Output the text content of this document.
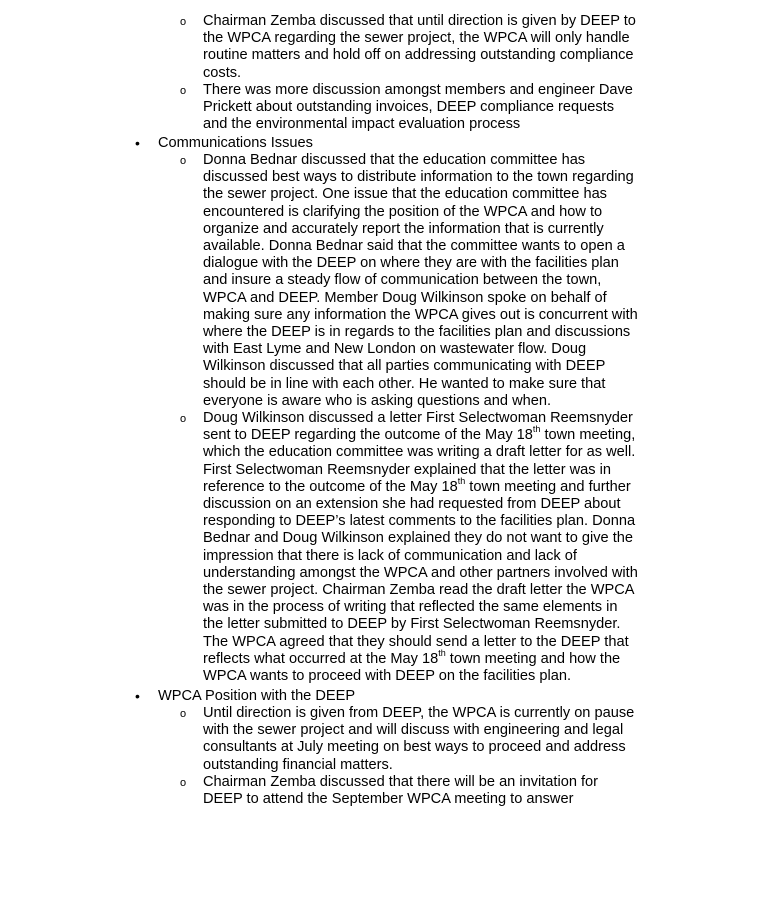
o Chairman Zemba discussed that until direction is given by DEEP to
the WPCA regarding the sewer project, the WPCA will only handle
routine matters and hold off on addressing outstanding compliance
costs.
o There was more discussion amongst members and engineer Dave
Prickett about outstanding invoices, DEEP compliance requests
and the environmental impact evaluation process
• Communications Issues
o Donna Bednar discussed that the education committee has
discussed best ways to distribute information to the town regarding
the sewer project. One issue that the education committee has
encountered is clarifying the position of the WPCA and how to
organize and accurately report the information that is currently
available. Donna Bednar said that the committee wants to open a
dialogue with the DEEP on where they are with the facilities plan
and insure a steady flow of communication between the town,
WPCA and DEEP. Member Doug Wilkinson spoke on behalf of
making sure any information the WPCA gives out is concurrent with
where the DEEP is in regards to the facilities plan and discussions
with East Lyme and New London on wastewater flow. Doug
Wilkinson discussed that all parties communicating with DEEP
should be in line with each other. He wanted to make sure that
everyone is aware who is asking questions and when.
o Doug Wilkinson discussed a letter First Selectwoman Reemsnyder
sent to DEEP regarding the outcome of the May 18th town meeting,
which the education committee was writing a draft letter for as well.
First Selectwoman Reemsnyder explained that the letter was in
reference to the outcome of the May 18th town meeting and further
discussion on an extension she had requested from DEEP about
responding to DEEP’s latest comments to the facilities plan. Donna
Bednar and Doug Wilkinson explained they do not want to give the
impression that there is lack of communication and lack of
understanding amongst the WPCA and other partners involved with
the sewer project. Chairman Zemba read the draft letter the WPCA
was in the process of writing that reflected the same elements in
the letter submitted to DEEP by First Selectwoman Reemsnyder.
The WPCA agreed that they should send a letter to the DEEP that
reflects what occurred at the May 18th town meeting and how the
WPCA wants to proceed with DEEP on the facilities plan.
• WPCA Position with the DEEP
o Until direction is given from DEEP, the WPCA is currently on pause
with the sewer project and will discuss with engineering and legal
consultants at July meeting on best ways to proceed and address
outstanding financial matters.
o Chairman Zemba discussed that there will be an invitation for
DEEP to attend the September WPCA meeting to answer
